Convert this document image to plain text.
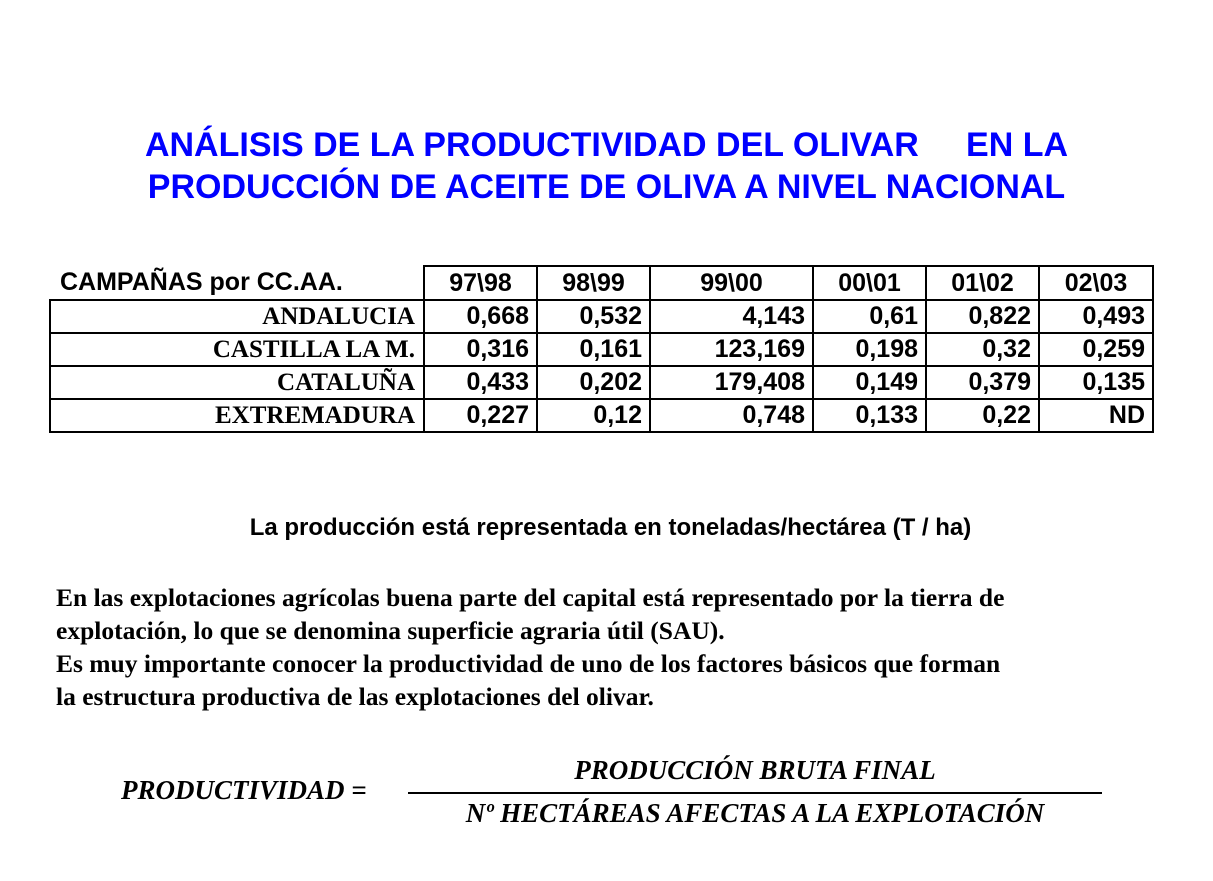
ANÁLISIS DE LA PRODUCTIVIDAD DEL OLIVAR     EN LA
PRODUCCIÓN DE ACEITE DE OLIVA A NIVEL NACIONAL
CAMPAÑAS por CC.AA.	97\98	98\99	99\00	00\01	01\02	02\03
ANDALUCIA	0,668	0,532	4,143	0,61	0,822	0,493
CASTILLA LA M.	0,316	0,161	123,169	0,198	0,32	0,259
CATALUÑA	0,433	0,202	179,408	0,149	0,379	0,135
EXTREMADURA	0,227	0,12	0,748	0,133	0,22	ND
La producción está representada en toneladas/hectárea (T / ha)
En las explotaciones agrícolas buena parte del capital está representado por la tierra de
explotación, lo que se denomina superficie agraria útil (SAU).
Es muy importante conocer la productividad de uno de los factores básicos que forman
la estructura productiva de las explotaciones del olivar.
PRODUCTIVIDAD =
PRODUCCIÓN BRUTA FINAL
Nº HECTÁREAS AFECTAS A LA EXPLOTACIÓN
